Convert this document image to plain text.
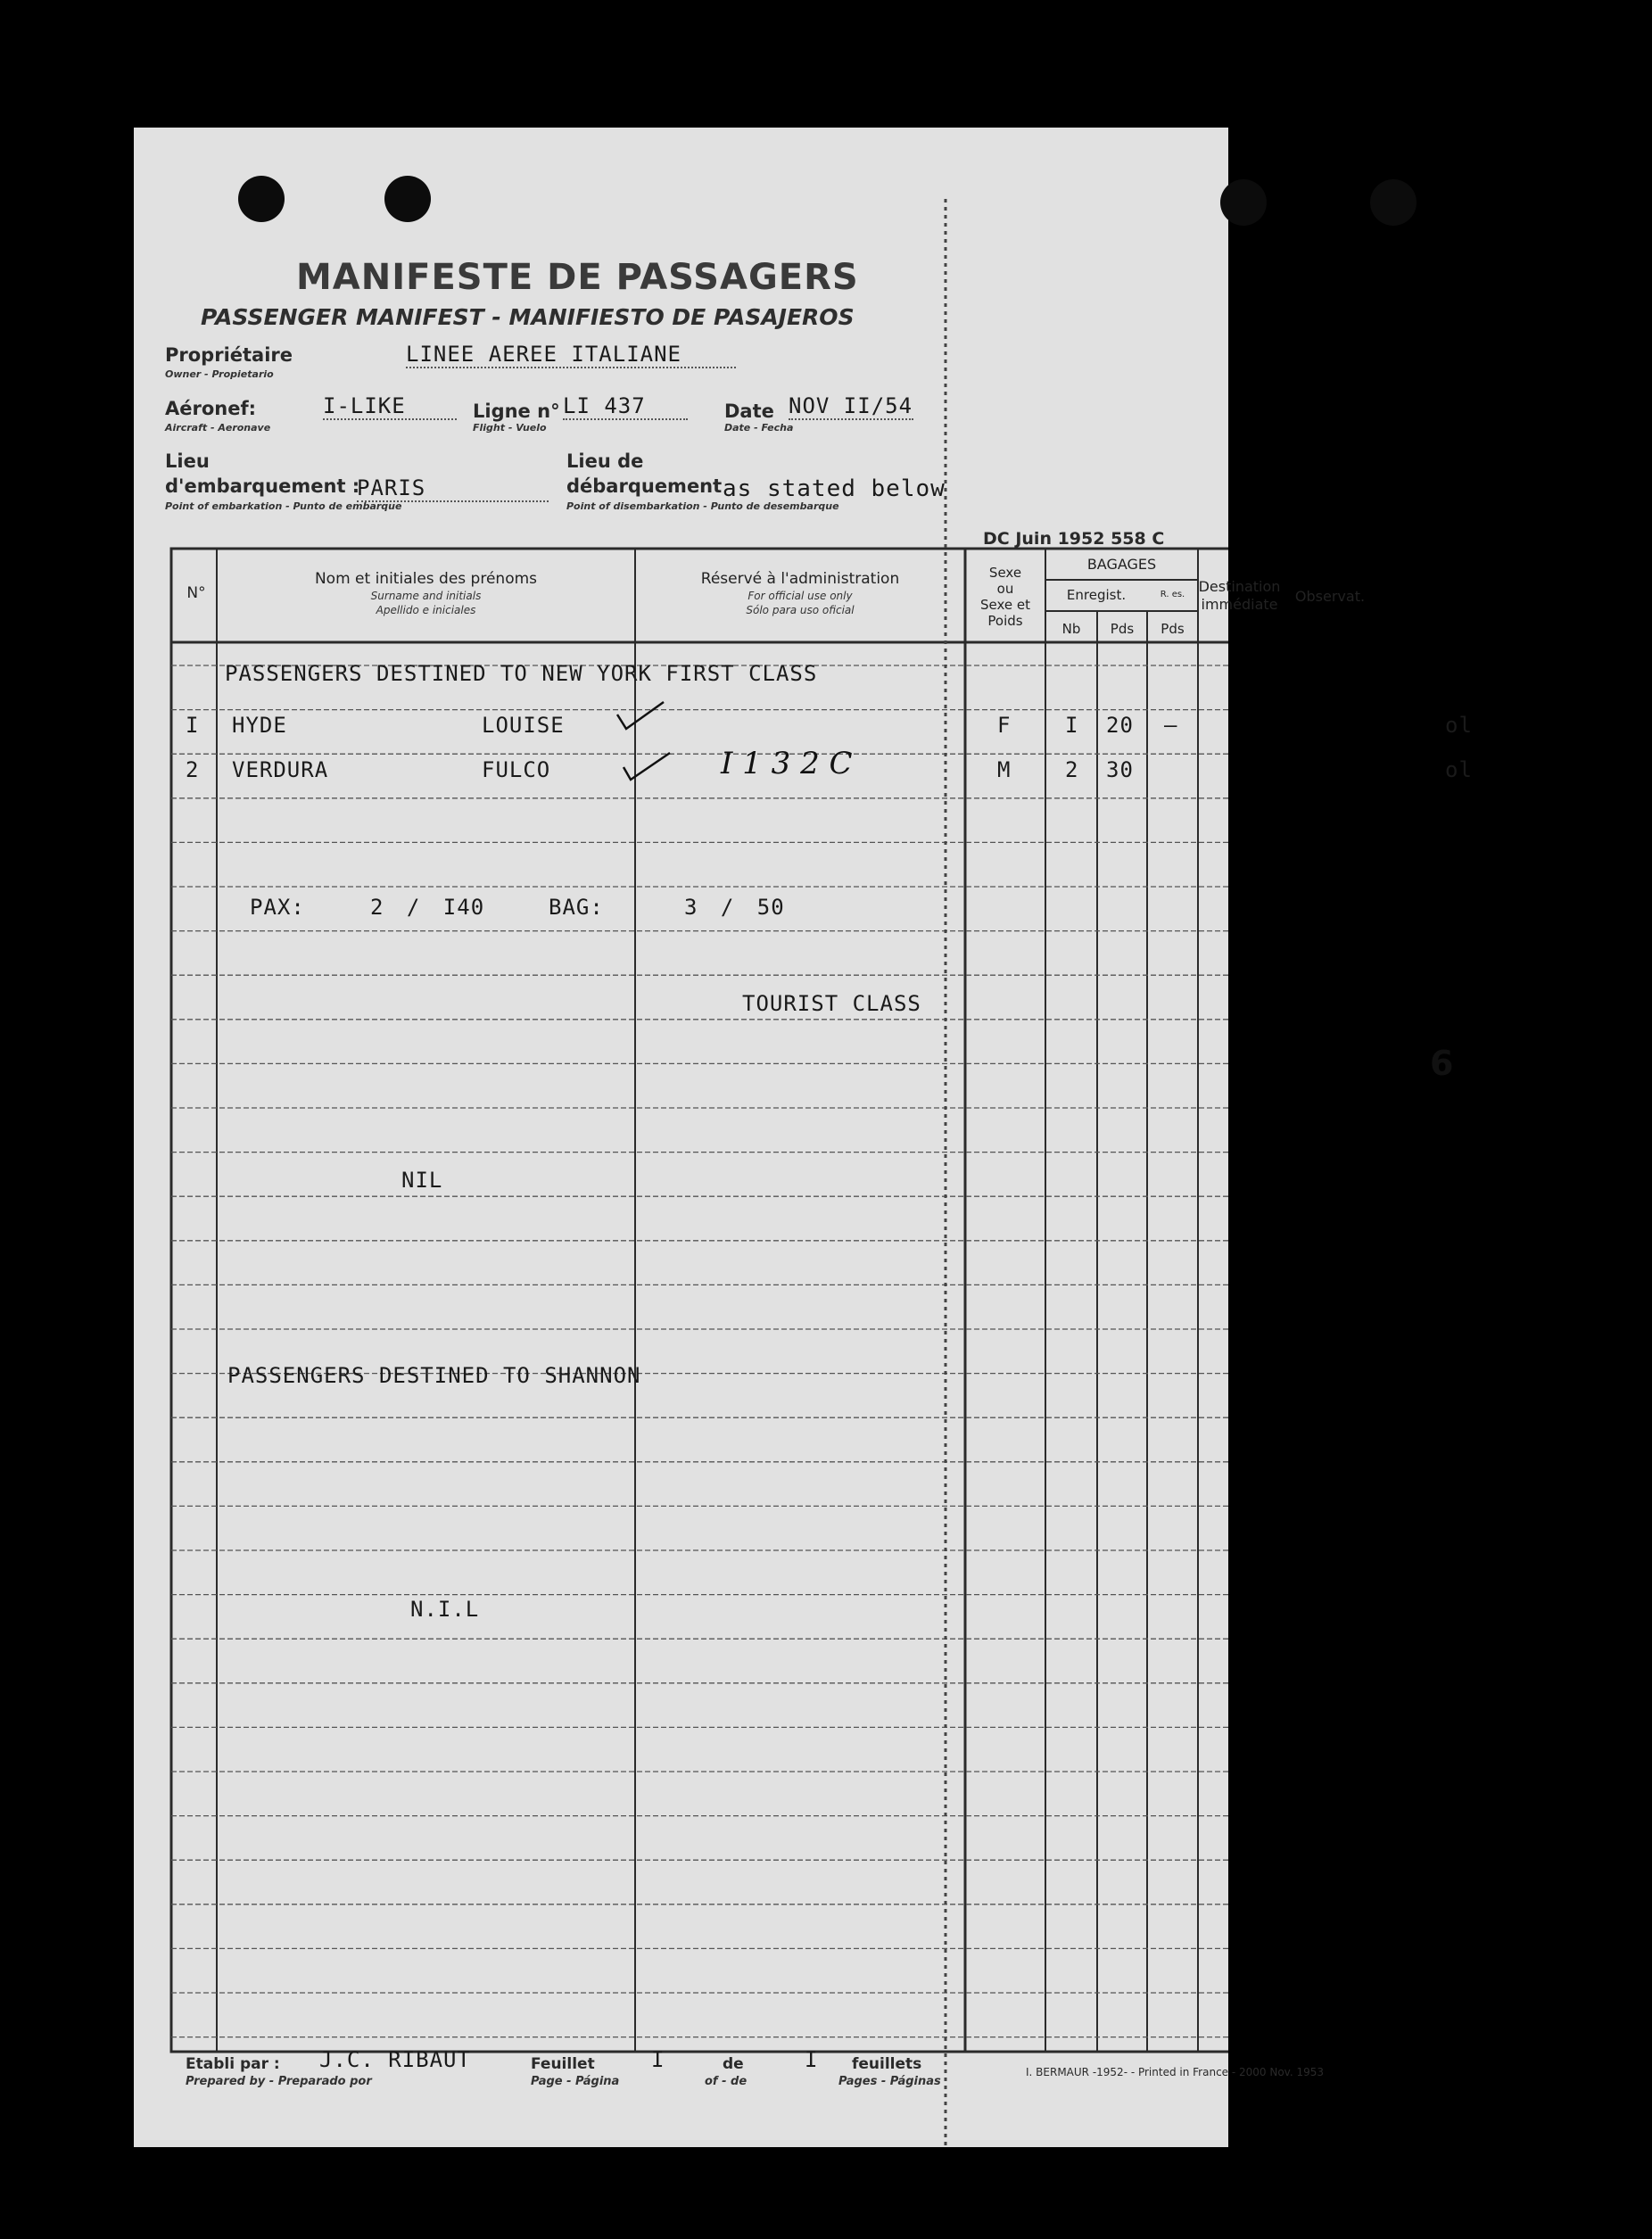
MANIFESTE DE PASSAGERS
PASSENGER MANIFEST - MANIFIESTO DE PASAJEROS
Propriétaire
Owner - Propietario
LINEE AEREE ITALIANE
Aéronef:
Aircraft - Aeronave
I-LIKE	Ligne n°
Flight - Vuelo
LI 437	Date
Date - Fecha
NOV II/54
Lieu
d'embarquement :
Point of embarkation - Punto de embarque
PARIS
Lieu de
débarquement
Point of disembarkation - Punto de desembarque
as stated below
DC Juin 1952 558 C
N°
Nom et initiales des prénoms
Surname and initials
Apellido e iniciales
Réservé à l'administration
For official use only
Sólo para uso oficial
Sexe
ou
Sexe et
Poids
BAGAGES
Enregist.	R. es.
Nb	Pds	Pds
Destination
immédiate	Observat.
PASSENGERS DESTINED TO NEW YORK FIRST CLASS
I HYDE	LOUISE	F	I 20 –	ol
2 VERDURA	FULCO	M	2 30	ol
I 1 3 2 C
PAX:	2 / I40	BAG:	3 / 50
TOURIST CLASS
6
NIL
PASSENGERS DESTINED TO SHANNON
N.I.L
Etabli par :
Prepared by - Preparado por
J.C. RIBAUT	Feuillet
Page - Página
I	de
of - de
I feuillets
Pages - Páginas
I. BERMAUR -1952- - Printed in France - 2000 Nov. 1953
